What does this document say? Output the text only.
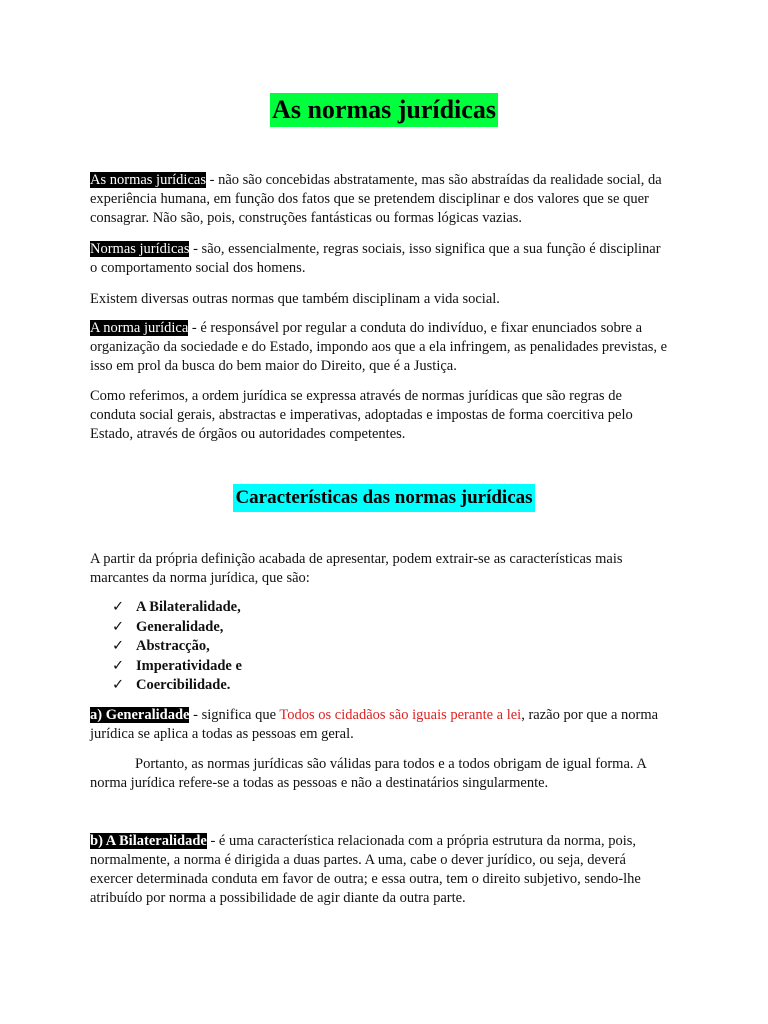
As normas jurídicas

As normas jurídicas - não são concebidas abstratamente, mas são abstraídas da realidade social, da experiência humana, em função dos fatos que se pretendem disciplinar e dos valores que se quer consagrar. Não são, pois, construções fantásticas ou formas lógicas vazias.

Normas jurídicas - são, essencialmente, regras sociais, isso significa que a sua função é disciplinar o comportamento social dos homens.

Existem diversas outras normas que também disciplinam a vida social.

A norma jurídica - é responsável por regular a conduta do indivíduo, e fixar enunciados sobre a organização da sociedade e do Estado, impondo aos que a ela infringem, as penalidades previstas, e isso em prol da busca do bem maior do Direito, que é a Justiça.

Como referimos, a ordem jurídica se expressa através de normas jurídicas que são regras de conduta social gerais, abstractas e imperativas, adoptadas e impostas de forma coercitiva pelo Estado, através de órgãos ou autoridades competentes.

Características das normas jurídicas

A partir da própria definição acabada de apresentar, podem extrair-se as características mais marcantes da norma jurídica, que são:

✓ A Bilateralidade,
✓ Generalidade,
✓ Abstracção,
✓ Imperatividade e
✓ Coercibilidade.

a) Generalidade - significa que Todos os cidadãos são iguais perante a lei, razão por que a norma jurídica se aplica a todas as pessoas em geral.

Portanto, as normas jurídicas são válidas para todos e a todos obrigam de igual forma. A norma jurídica refere-se a todas as pessoas e não a destinatários singularmente.

b) A Bilateralidade - é uma característica relacionada com a própria estrutura da norma, pois, normalmente, a norma é dirigida a duas partes. A uma, cabe o dever jurídico, ou seja, deverá exercer determinada conduta em favor de outra; e essa outra, tem o direito subjetivo, sendo-lhe atribuído por norma a possibilidade de agir diante da outra parte.
